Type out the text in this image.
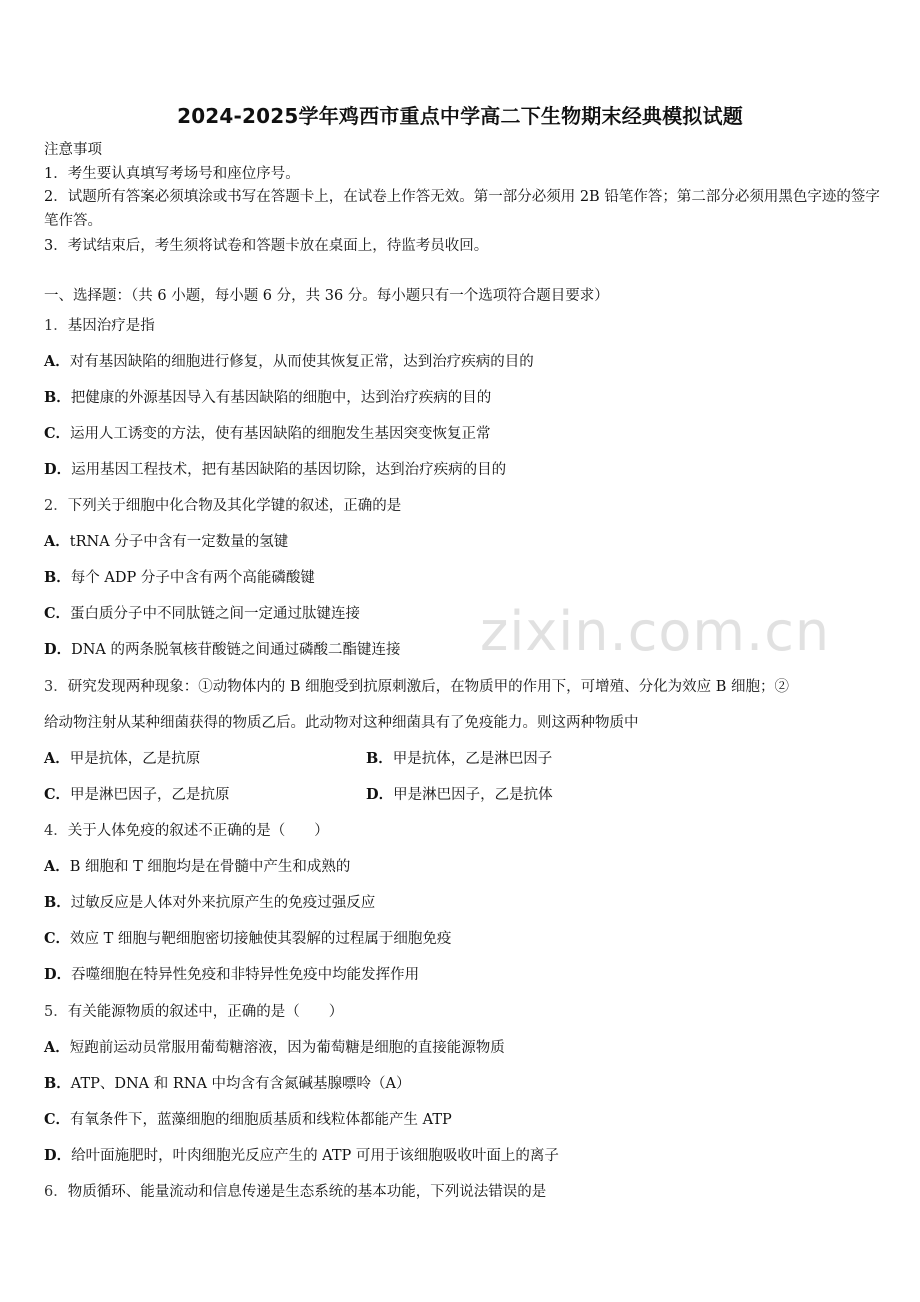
zixin.com.cn
2024-2025学年鸡西市重点中学高二下生物期末经典模拟试题
注意事项
1．考生要认真填写考场号和座位序号。
2．试题所有答案必须填涂或书写在答题卡上，在试卷上作答无效。第一部分必须用 2B 铅笔作答；第二部分必须用黑色字迹的签字笔作答。
3．考试结束后，考生须将试卷和答题卡放在桌面上，待监考员收回。
一、选择题：（共 6 小题，每小题 6 分，共 36 分。每小题只有一个选项符合题目要求）
1．基因治疗是指
A．对有基因缺陷的细胞进行修复，从而使其恢复正常，达到治疗疾病的目的
B．把健康的外源基因导入有基因缺陷的细胞中，达到治疗疾病的目的
C．运用人工诱变的方法，使有基因缺陷的细胞发生基因突变恢复正常
D．运用基因工程技术，把有基因缺陷的基因切除，达到治疗疾病的目的
2．下列关于细胞中化合物及其化学键的叙述，正确的是
A．tRNA 分子中含有一定数量的氢键
B．每个 ADP 分子中含有两个高能磷酸键
C．蛋白质分子中不同肽链之间一定通过肽键连接
D．DNA 的两条脱氧核苷酸链之间通过磷酸二酯键连接
3．研究发现两种现象：①动物体内的 B 细胞受到抗原刺激后，在物质甲的作用下，可增殖、分化为效应 B 细胞；②
给动物注射从某种细菌获得的物质乙后。此动物对这种细菌具有了免疫能力。则这两种物质中
A．甲是抗体，乙是抗原	B．甲是抗体，乙是淋巴因子
C．甲是淋巴因子，乙是抗原	D．甲是淋巴因子，乙是抗体
4．关于人体免疫的叙述不正确的是（　　）
A．B 细胞和 T 细胞均是在骨髓中产生和成熟的
B．过敏反应是人体对外来抗原产生的免疫过强反应
C．效应 T 细胞与靶细胞密切接触使其裂解的过程属于细胞免疫
D．吞噬细胞在特异性免疫和非特异性免疫中均能发挥作用
5．有关能源物质的叙述中，正确的是（　　）
A．短跑前运动员常服用葡萄糖溶液，因为葡萄糖是细胞的直接能源物质
B．ATP、DNA 和 RNA 中均含有含氮碱基腺嘌呤（A）
C．有氧条件下，蓝藻细胞的细胞质基质和线粒体都能产生 ATP
D．给叶面施肥时，叶肉细胞光反应产生的 ATP 可用于该细胞吸收叶面上的离子
6．物质循环、能量流动和信息传递是生态系统的基本功能，下列说法错误的是
